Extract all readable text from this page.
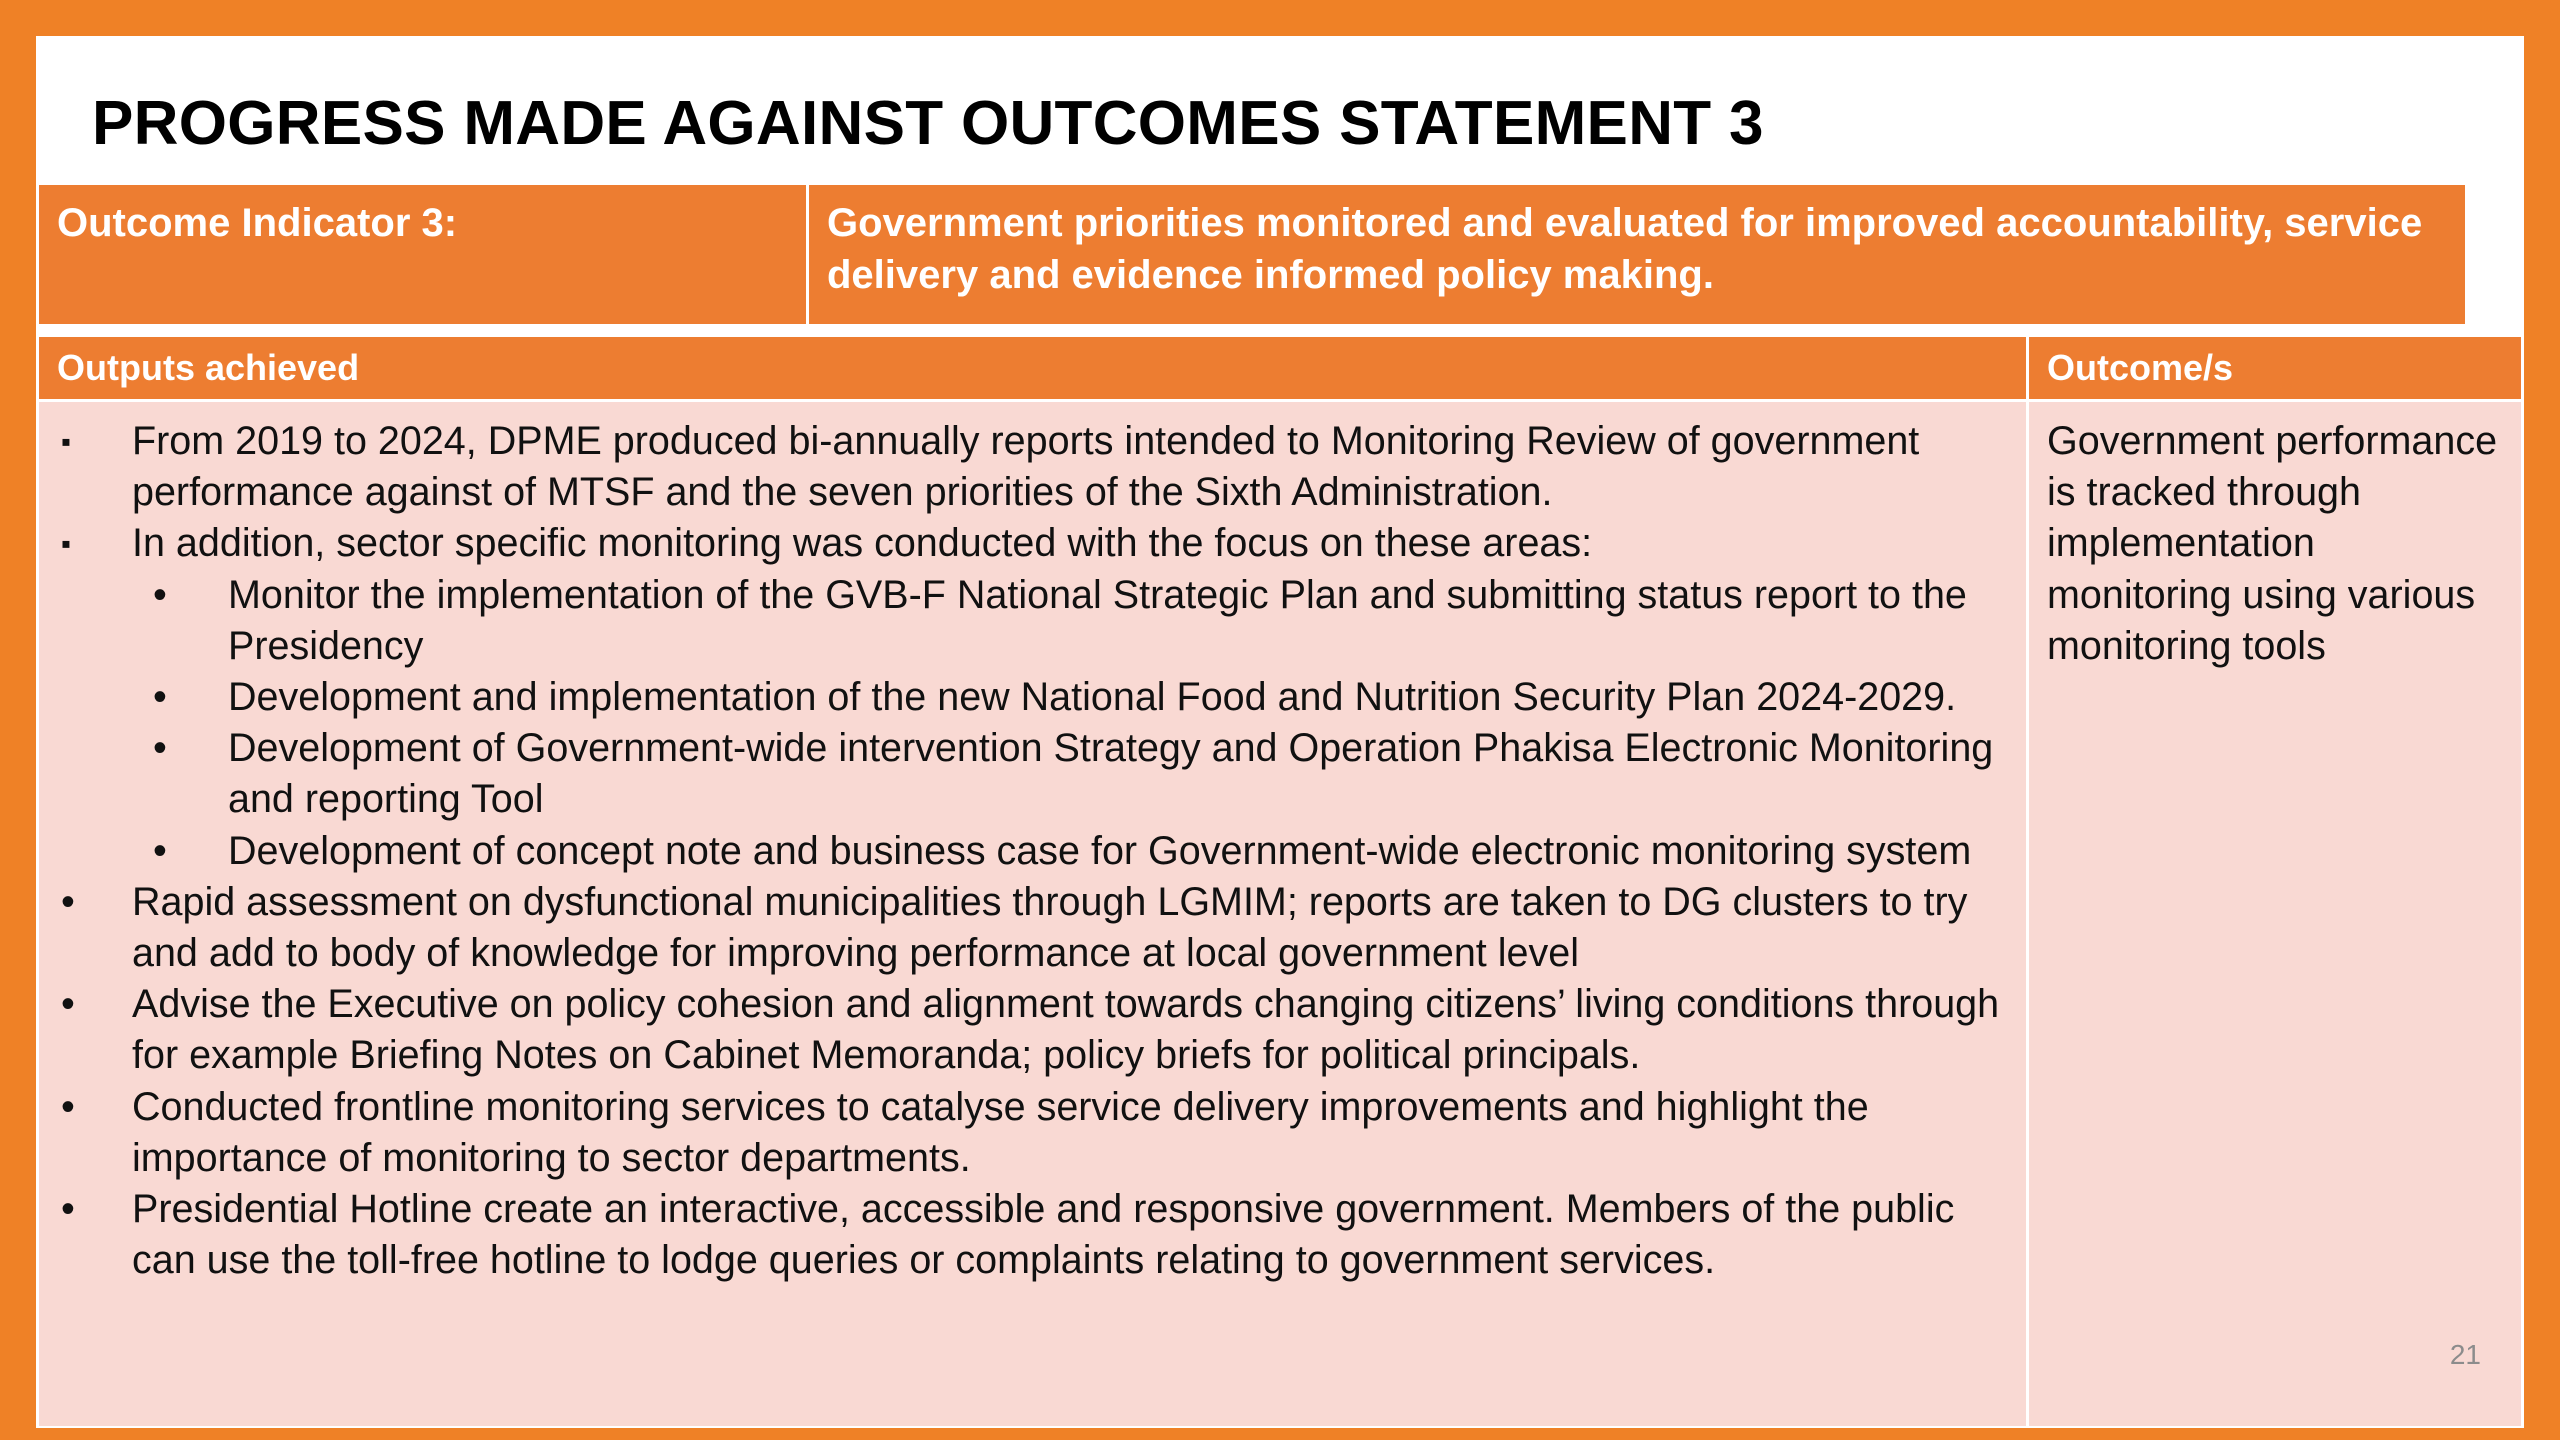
PROGRESS MADE AGAINST OUTCOMES STATEMENT 3
Outcome Indicator 3:	Government priorities monitored and evaluated for improved accountability, service delivery and evidence informed policy making.
Outputs achieved	Outcome/s
▪ From 2019 to 2024, DPME produced bi-annually reports intended to Monitoring Review of government performance against of MTSF and the seven priorities of the Sixth Administration.
▪ In addition, sector specific monitoring was conducted with the focus on these areas:
• Monitor the implementation of the GVB-F National Strategic Plan and submitting status report to the Presidency
• Development and implementation of the new National Food and Nutrition Security Plan 2024-2029.
• Development of Government-wide intervention Strategy and Operation Phakisa Electronic Monitoring and reporting Tool
• Development of concept note and business case for Government-wide electronic monitoring system
• Rapid assessment on dysfunctional municipalities through LGMIM; reports are taken to DG clusters to try and add to body of knowledge for improving performance at local government level
• Advise the Executive on policy cohesion and alignment towards changing citizens’ living conditions through for example Briefing Notes on Cabinet Memoranda; policy briefs for political principals.
• Conducted frontline monitoring services to catalyse service delivery improvements and highlight the importance of monitoring to sector departments.
• Presidential Hotline create an interactive, accessible and responsive government. Members of the public can use the toll-free hotline to lodge queries or complaints relating to government services.
Government performance is tracked through implementation monitoring using various monitoring tools
21
